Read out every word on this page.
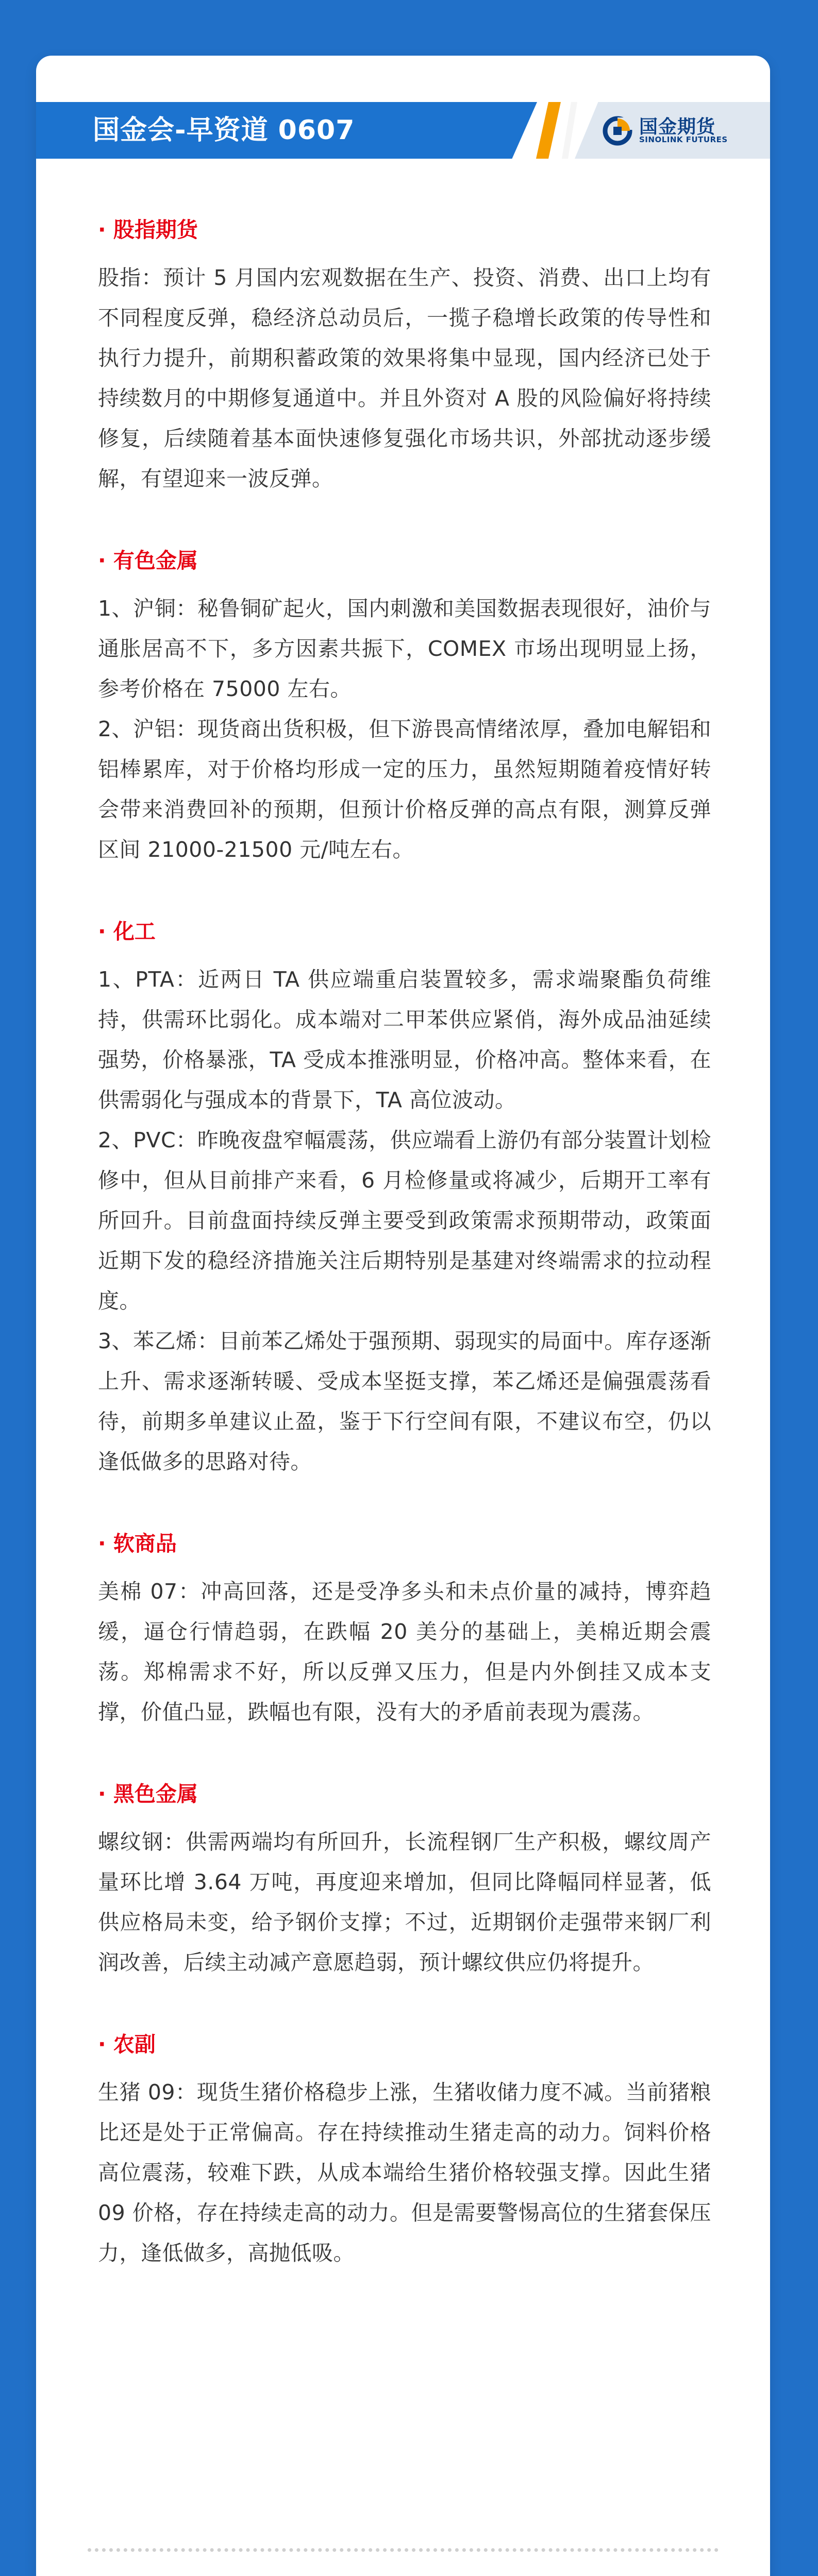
国金会-早资道 0607	国金期货
SINOLINK FUTURES
· 股指期货

股指：预计 5 月国内宏观数据在生产、投资、消费、出口上均有不同程度反弹，稳经济总动员后，一揽子稳增长政策的传导性和执行力提升，前期积蓄政策的效果将集中显现，国内经济已处于持续数月的中期修复通道中。并且外资对 A 股的风险偏好将持续修复，后续随着基本面快速修复强化市场共识，外部扰动逐步缓解，有望迎来一波反弹。

· 有色金属

1、沪铜：秘鲁铜矿起火，国内刺激和美国数据表现很好，油价与通胀居高不下，多方因素共振下，COMEX 市场出现明显上扬，参考价格在 75000 左右。

2、沪铝：现货商出货积极，但下游畏高情绪浓厚，叠加电解铝和铝棒累库，对于价格均形成一定的压力，虽然短期随着疫情好转会带来消费回补的预期，但预计价格反弹的高点有限，测算反弹区间 21000-21500 元/吨左右。

· 化工

1、PTA：近两日 TA 供应端重启装置较多，需求端聚酯负荷维持，供需环比弱化。成本端对二甲苯供应紧俏，海外成品油延续强势，价格暴涨，TA 受成本推涨明显，价格冲高。整体来看，在供需弱化与强成本的背景下，TA 高位波动。

2、PVC：昨晚夜盘窄幅震荡，供应端看上游仍有部分装置计划检修中，但从目前排产来看，6 月检修量或将减少，后期开工率有所回升。目前盘面持续反弹主要受到政策需求预期带动，政策面近期下发的稳经济措施关注后期特别是基建对终端需求的拉动程度。

3、苯乙烯：目前苯乙烯处于强预期、弱现实的局面中。库存逐渐上升、需求逐渐转暖、受成本坚挺支撑，苯乙烯还是偏强震荡看待，前期多单建议止盈，鉴于下行空间有限，不建议布空，仍以逢低做多的思路对待。

· 软商品

美棉 07：冲高回落，还是受净多头和未点价量的减持，博弈趋缓，逼仓行情趋弱，在跌幅 20 美分的基础上，美棉近期会震荡。郑棉需求不好，所以反弹又压力，但是内外倒挂又成本支撑，价值凸显，跌幅也有限，没有大的矛盾前表现为震荡。

· 黑色金属

螺纹钢：供需两端均有所回升，长流程钢厂生产积极，螺纹周产量环比增 3.64 万吨，再度迎来增加，但同比降幅同样显著，低供应格局未变，给予钢价支撑；不过，近期钢价走强带来钢厂利润改善，后续主动减产意愿趋弱，预计螺纹供应仍将提升。

· 农副

生猪 09：现货生猪价格稳步上涨，生猪收储力度不减。当前猪粮比还是处于正常偏高。存在持续推动生猪走高的动力。饲料价格高位震荡，较难下跌，从成本端给生猪价格较强支撑。因此生猪 09 价格，存在持续走高的动力。但是需要警惕高位的生猪套保压力，逢低做多，高抛低吸。
